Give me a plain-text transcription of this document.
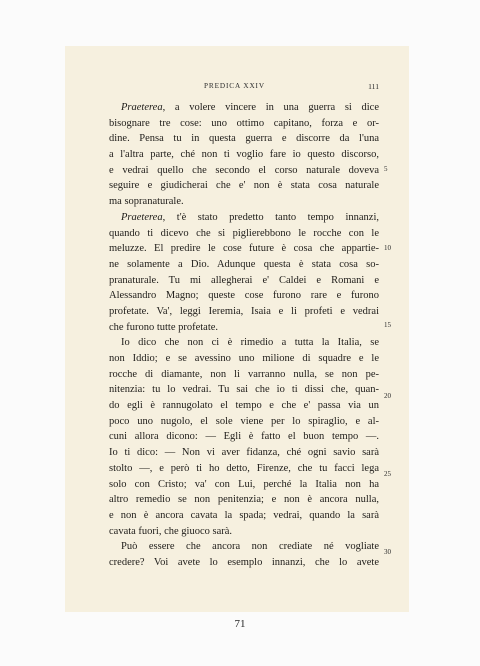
PREDICA XXIV	111
Praeterea, a volere vincere in una guerra si dice
bisognare tre cose: uno ottimo capitano, forza e or-
dine. Pensa tu in questa guerra e discorre da l'una
a l'altra parte, ché non ti voglio fare io questo discorso,
e vedrai quello che secondo el corso naturale doveva
seguire e giudicherai che e' non è stata cosa naturale
ma sopranaturale.
Praeterea, t'è stato predetto tanto tempo innanzi,
quando ti dicevo che si piglierebbono le rocche con le
meluzze. El predire le cose future è cosa che appartie-
ne solamente a Dio. Adunque questa è stata cosa so-
pranaturale. Tu mi allegherai e' Caldei e Romani e
Alessandro Magno; queste cose furono rare e furono
profetate. Va', leggi Ieremia, Isaia e li profeti e vedrai
che furono tutte profetate.
Io dico che non ci è rimedio a tutta la Italia, se
non Iddio; e se avessino uno milione di squadre e le
rocche di diamante, non li varranno nulla, se non pe-
nitenzia: tu lo vedrai. Tu sai che io ti dissi che, quan-
do egli è rannugolato el tempo e che e' passa via un
poco uno nugolo, el sole viene per lo spiraglio, e al-
cuni allora dicono: — Egli è fatto el buon tempo —.
Io ti dico: — Non vi aver fidanza, ché ogni savio sarà
stolto —, e però ti ho detto, Firenze, che tu facci lega
solo con Cristo; va' con Lui, perché la Italia non ha
altro remedio se non penitenzia; e non è ancora nulla,
e non è ancora cavata la spada; vedrai, quando la sarà
cavata fuori, che giuoco sarà.
Può essere che ancora non crediate né vogliate
credere? Voi avete lo esemplo innanzi, che lo avete
5
10
15
20
25
30
71
